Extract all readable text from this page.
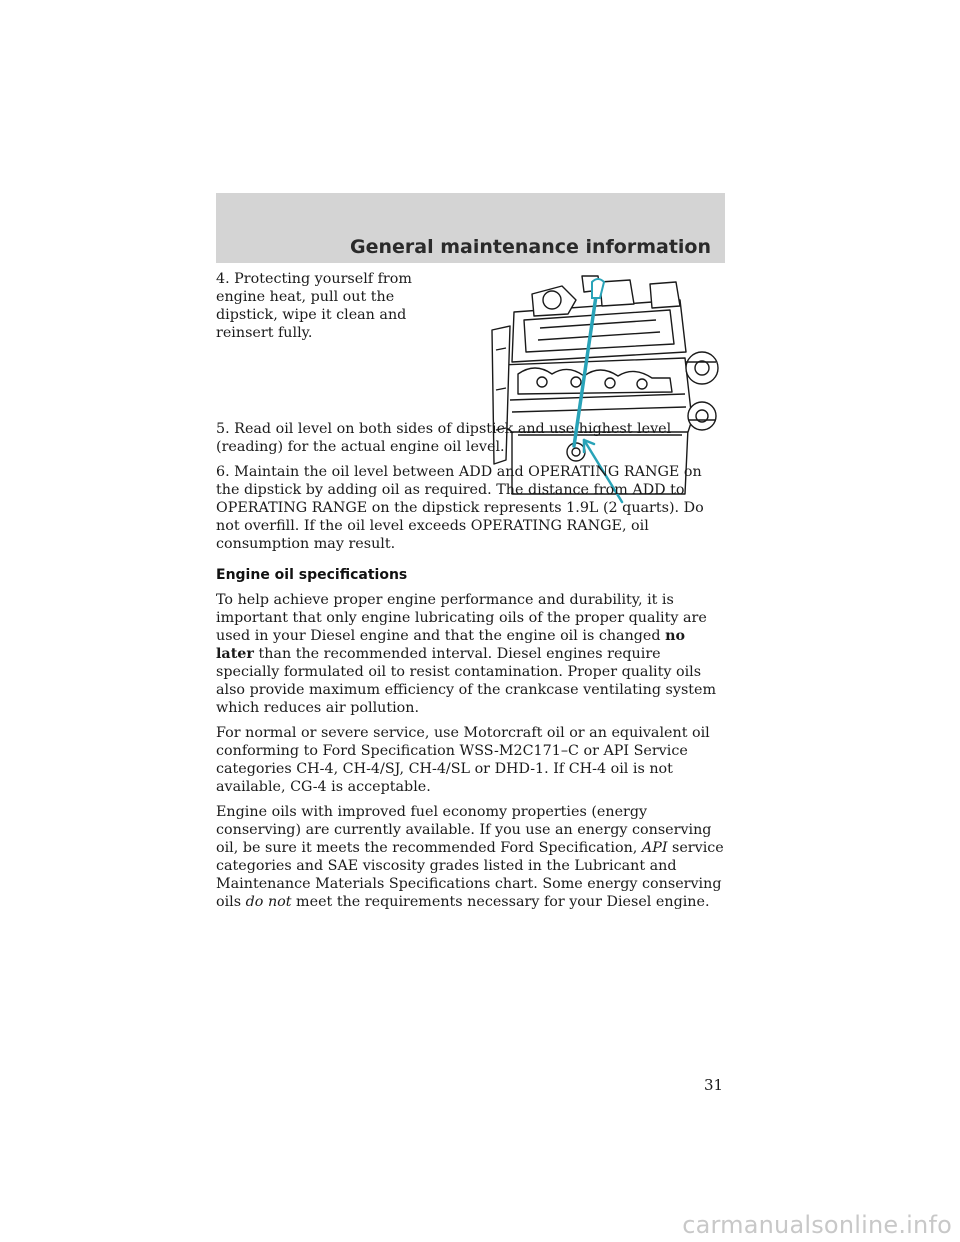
General maintenance information

4. Protecting yourself from engine heat, pull out the dipstick, wipe it clean and reinsert fully.

5. Read oil level on both sides of dipstick and use highest level (reading) for the actual engine oil level.

6. Maintain the oil level between ADD and OPERATING RANGE on the dipstick by adding oil as required. The distance from ADD to OPERATING RANGE on the dipstick represents 1.9L (2 quarts). Do not overfill. If the oil level exceeds OPERATING RANGE, oil consumption may result.

Engine oil specifications

To help achieve proper engine performance and durability, it is important that only engine lubricating oils of the proper quality are used in your Diesel engine and that the engine oil is changed no later than the recommended interval. Diesel engines require specially formulated oil to resist contamination. Proper quality oils also provide maximum efficiency of the crankcase ventilating system which reduces air pollution.

For normal or severe service, use Motorcraft oil or an equivalent oil conforming to Ford Specification WSS-M2C171–C or API Service categories CH-4, CH-4/SJ, CH-4/SL or DHD-1. If CH-4 oil is not available, CG-4 is acceptable.

Engine oils with improved fuel economy properties (energy conserving) are currently available. If you use an energy conserving oil, be sure it meets the recommended Ford Specification, API service categories and SAE viscosity grades listed in the Lubricant and Maintenance Materials Specifications chart. Some energy conserving oils do not meet the requirements necessary for your Diesel engine.

31
carmanualsonline.info
